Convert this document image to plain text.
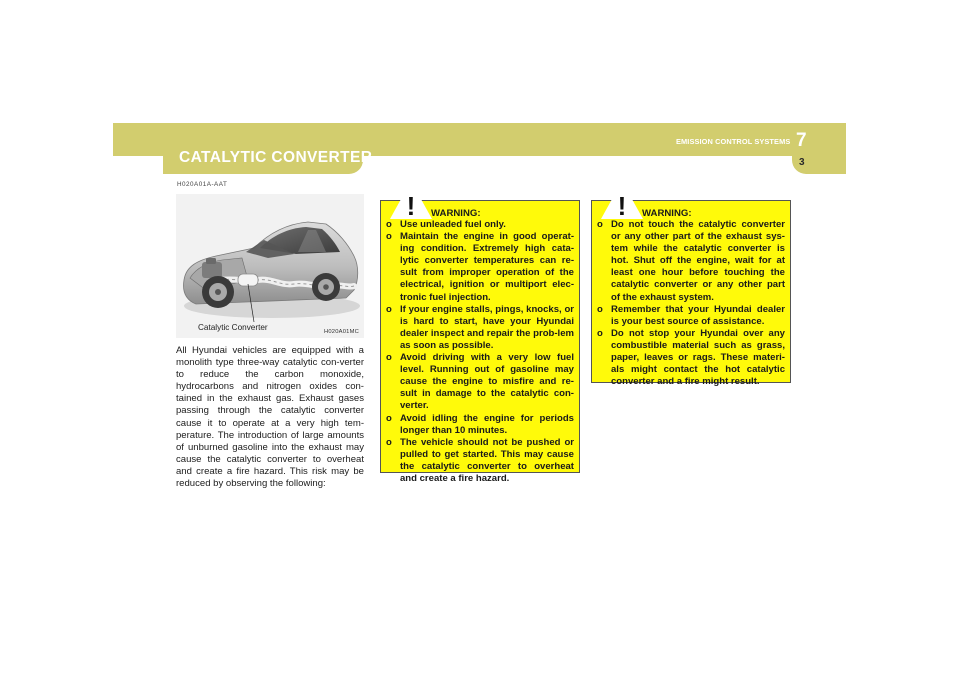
EMISSION CONTROL SYSTEMS 7
3
CATALYTIC CONVERTER
H020A01A-AAT
Catalytic Converter	H020A01MC

All Hyundai vehicles are equipped with a monolith type three-way catalytic con-verter to reduce the carbon monoxide, hydrocarbons and nitrogen oxides con-tained in the exhaust gas. Exhaust gases passing through the catalytic converter cause it to operate at a very high tem-perature. The introduction of large amounts of unburned gasoline into the exhaust may cause the catalytic converter to overheat and create a fire hazard. This risk may be reduced by observing the following:

! WARNING:
o Use unleaded fuel only.
o Maintain the engine in good operat-ing condition. Extremely high cata-lytic converter temperatures can re-sult from improper operation of the electrical, ignition or multiport elec-tronic fuel injection.
o If your engine stalls, pings, knocks, or is hard to start, have your Hyundai dealer inspect and repair the prob-lem as soon as possible.
o Avoid driving with a very low fuel level. Running out of gasoline may cause the engine to misfire and re-sult in damage to the catalytic con-verter.
o Avoid idling the engine for periods longer than 10 minutes.
o The vehicle should not be pushed or pulled to get started. This may cause the catalytic converter to overheat and create a fire hazard.
! WARNING:
o Do not touch the catalytic converter or any other part of the exhaust sys-tem while the catalytic converter is hot. Shut off the engine, wait for at least one hour before touching the catalytic converter or any other part of the exhaust system.
o Remember that your Hyundai dealer is your best source of assistance.
o Do not stop your Hyundai over any combustible material such as grass, paper, leaves or rags. These materi-als might contact the hot catalytic converter and a fire might result.
